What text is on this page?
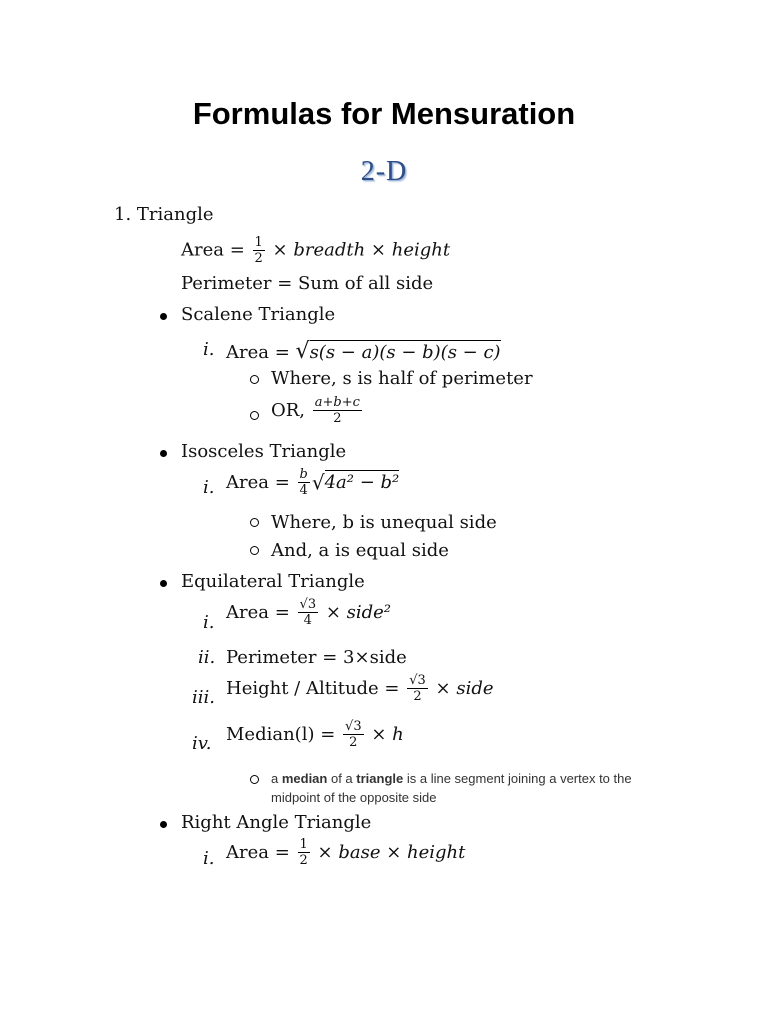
Formulas for Mensuration
2-D
1. Triangle
Area = $\frac{1}{2}$ × breadth × height
Perimeter = Sum of all side
Scalene Triangle
i. Area = √s(s − a)(s − b)(s − c)
Where, s is half of perimeter
OR, $\frac{a+b+c}{2}$
Isosceles Triangle
i. Area = $\frac{b}{4} √4a^2 - b^2$
Where, b is unequal side
And, a is equal side
Equilateral Triangle
i. Area = $\frac{√3}{4}$ × side²
ii. Perimeter = 3×side
iii. Height / Altitude = $\frac{√3}{2}$ × side
iv. Median(l) = $\frac{√3}{2} \times h$
a median of a triangle is a line segment joining a vertex to the midpoint of the opposite side
Right Angle Triangle
i. Area = $\frac{1}{2}$ × base × height
